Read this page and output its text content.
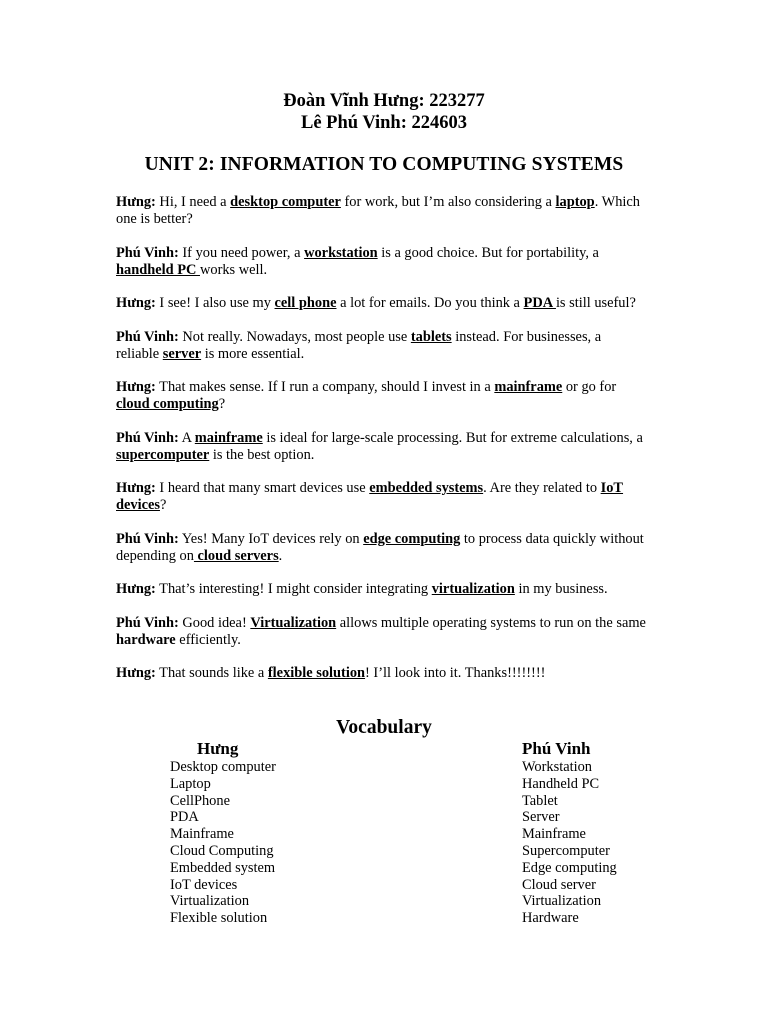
Đoàn Vĩnh Hưng: 223277
Lê Phú Vinh: 224603
UNIT 2: INFORMATION TO COMPUTING SYSTEMS

Hưng: Hi, I need a desktop computer for work, but I’m also considering a laptop. Which one is better?

Phú Vinh: If you need power, a workstation is a good choice. But for portability, a handheld PC works well.

Hưng: I see! I also use my cell phone a lot for emails. Do you think a PDA is still useful?

Phú Vinh: Not really. Nowadays, most people use tablets instead. For businesses, a reliable server is more essential.

Hưng: That makes sense. If I run a company, should I invest in a mainframe or go for cloud computing?

Phú Vinh: A mainframe is ideal for large-scale processing. But for extreme calculations, a supercomputer is the best option.

Hưng: I heard that many smart devices use embedded systems. Are they related to IoT devices?

Phú Vinh: Yes! Many IoT devices rely on edge computing to process data quickly without depending on cloud servers.

Hưng: That’s interesting! I might consider integrating virtualization in my business.

Phú Vinh: Good idea! Virtualization allows multiple operating systems to run on the same hardware efficiently.

Hưng: That sounds like a flexible solution! I’ll look into it. Thanks!!!!!!!!

Vocabulary
Hưng
Desktop computer
Laptop
CellPhone
PDA
Mainframe
Cloud Computing
Embedded system
IoT devices
Virtualization
Flexible solution
Phú Vinh
Workstation
Handheld PC
Tablet
Server
Mainframe
Supercomputer
Edge computing
Cloud server
Virtualization
Hardware
